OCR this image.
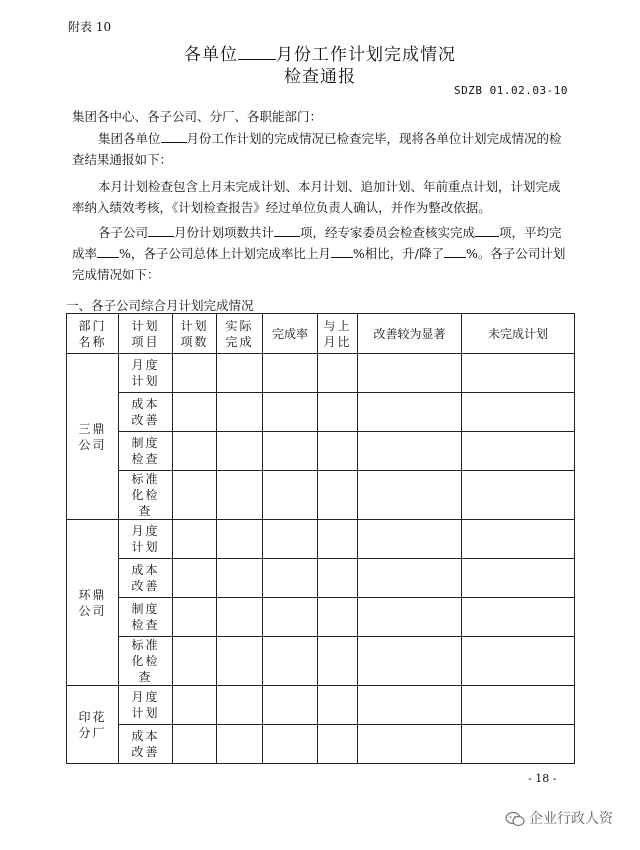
附表 10
各单位 月份工作计划完成情况
检查通报
SDZB 01.02.03-10
集团各中心、各子公司、分厂、各职能部门：
集团各单位 月份工作计划的完成情况已检查完毕，现将各单位计划完成情况的检查结果通报如下：
本月计划检查包含上月未完成计划、本月计划、追加计划、年前重点计划，计划完成率纳入绩效考核，《计划检查报告》经过单位负责人确认，并作为整改依据。
各子公司 月份计划项数共计 项，经专家委员会检查核实完成 项，平均完成率 %，各子公司总体上计划完成率比上月 %相比，升/降了 %。各子公司计划完成情况如下：
一、各子公司综合月计划完成情况
部门名称	计划项目	计划项数	实际完成	完成率	与上月比	改善较为显著	未完成计划
三鼎公司	月度计划						
	成本改善						
	制度检查						
	标准化检查						
环鼎公司	月度计划						
	成本改善						
	制度检查						
	标准化检查						
印花分厂	月度计划						
	成本改善						
- 18 -
企业行政人资
